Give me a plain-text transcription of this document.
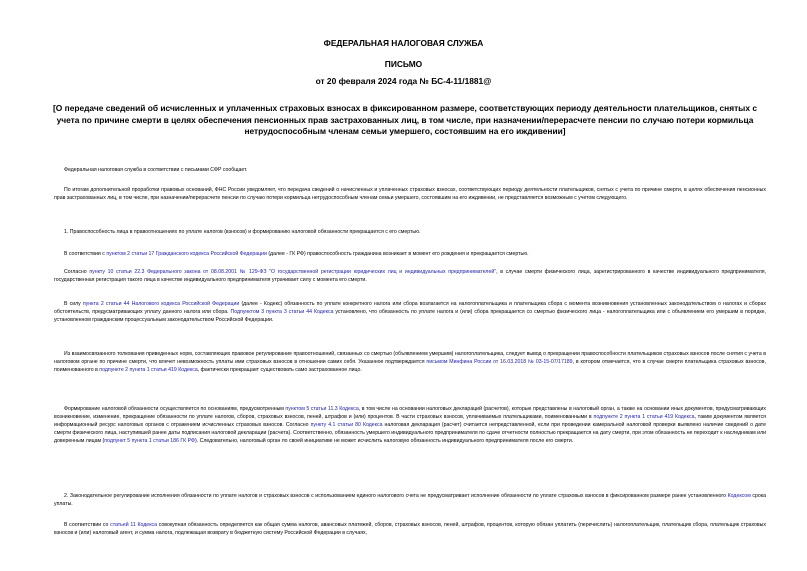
ФЕДЕРАЛЬНАЯ НАЛОГОВАЯ СЛУЖБА
ПИСЬМО
от 20 февраля 2024 года № БС-4-11/1881@
[О передаче сведений об исчисленных и уплаченных страховых взносах в фиксированном размере, соответствующих периоду деятельности плательщиков, снятых с учета по причине смерти в целях обеспечения пенсионных прав застрахованных лиц, в том числе, при назначении/перерасчете пенсии по случаю потери кормильца нетрудоспособным членам семьи умершего, состоявшим на его иждивении]

Федеральная налоговая служба в соответствии с письмами СФР сообщает.

По итогам дополнительной проработки правовых оснований, ФНС России уведомляет, что передача сведений о начисленных и уплаченных страховых взносах, соответствующих периоду деятельности плательщиков, снятых с учета по причине смерти, в целях обеспечения пенсионных прав застрахованных лиц, в том числе, при назначении/перерасчете пенсии по случаю потери кормильца нетрудоспособным членам семьи умершего, состоявшим на его иждивении, не представляется возможным с учетом следующего.

1. Правоспособность лица в правоотношениях по уплате налогов (взносов) и формированию налоговой обязанности прекращается с его смертью.

В соответствии с пунктом 2 статьи 17 Гражданского кодекса Российской Федерации (далее - ГК РФ) правоспособность гражданина возникает в момент его рождения и прекращается смертью.

Согласно пункту 10 статьи 22.3 Федерального закона от 08.08.2001 № 129-ФЗ "О государственной регистрации юридических лиц и индивидуальных предпринимателей", в случае смерти физического лица, зарегистрированного в качестве индивидуального предпринимателя, государственная регистрация такого лица в качестве индивидуального предпринимателя утрачивает силу с момента его смерти.

В силу пункта 2 статьи 44 Налогового кодекса Российской Федерации (далее - Кодекс) обязанность по уплате конкретного налога или сбора возлагается на налогоплательщика и плательщика сбора с момента возникновения установленных законодательством о налогах и сборах обстоятельств, предусматривающих уплату данного налога или сбора. Подпунктом 3 пункта 3 статьи 44 Кодекса установлено, что обязанность по уплате налога и (или) сбора прекращается со смертью физического лица - налогоплательщика или с объявлением его умершим в порядке, установленном гражданским процессуальным законодательством Российской Федерации.

Из взаимосвязанного толкования приведенных норм, составляющих правовое регулирование правоотношений, связанных со смертью (объявлением умершим) налогоплательщика, следует вывод о прекращении правоспособности плательщиков страховых взносов после снятия с учета в налоговом органе по причине смерти, что влечет невозможность уплаты ими страховых взносов в отношении самих себя. Указанное подтверждается письмом Минфина России от 16.03.2018 № 03-15-07/17189, в котором отмечается, что в случае смерти плательщика страховых взносов, поименованного в подпункте 2 пункта 1 статьи 419 Кодекса, фактически прекращает существовать само застрахованное лицо.

Формирование налоговой обязанности осуществляется по основаниям, предусмотренным пунктом 5 статьи 11.3 Кодекса, в том числе на основании налоговых деклараций (расчетов), которые представлены в налоговый орган, а также на основании иных документов, предусматривающих возникновение, изменение, прекращение обязанности по уплате налогов, сборов, страховых взносов, пеней, штрафов и (или) процентов. В части страховых взносов, уплачиваемых плательщиками, поименованными в подпункте 2 пункта 1 статьи 419 Кодекса, таким документом является информационный ресурс налоговых органов с отражением исчисленных страховых взносов. Согласно пункту 4.1 статьи 80 Кодекса налоговая декларация (расчет) считается непредставленной, если при проведении камеральной налоговой проверки выявлено наличие сведений о дате смерти физического лица, наступившей ранее даты подписания налоговой декларации (расчета). Соответственно, обязанность умершего индивидуального предпринимателя по сдаче отчетности полностью прекращается на дату смерти, при этом обязанность не переходит к наследникам или доверенным лицам (подпункт 5 пункта 1 статьи 186 ГК РФ). Следовательно, налоговый орган по своей инициативе не может исчислить налоговую обязанность индивидуального предпринимателя после его смерти.

2. Законодательное регулирование исполнения обязанности по уплате налогов и страховых взносов с использованием единого налогового счета не предусматривает исполнение обязанности по уплате страховых взносов в фиксированном размере ранее установленного Кодексом срока уплаты.

В соответствии со статьей 11 Кодекса совокупная обязанность определяется как общая сумма налогов, авансовых платежей, сборов, страховых взносов, пеней, штрафов, процентов, которую обязан уплатить (перечислить) налогоплательщик, плательщик сбора, плательщик страховых взносов и (или) налоговый агент, и сумма налога, подлежащая возврату в бюджетную систему Российской Федерации в случаях,
